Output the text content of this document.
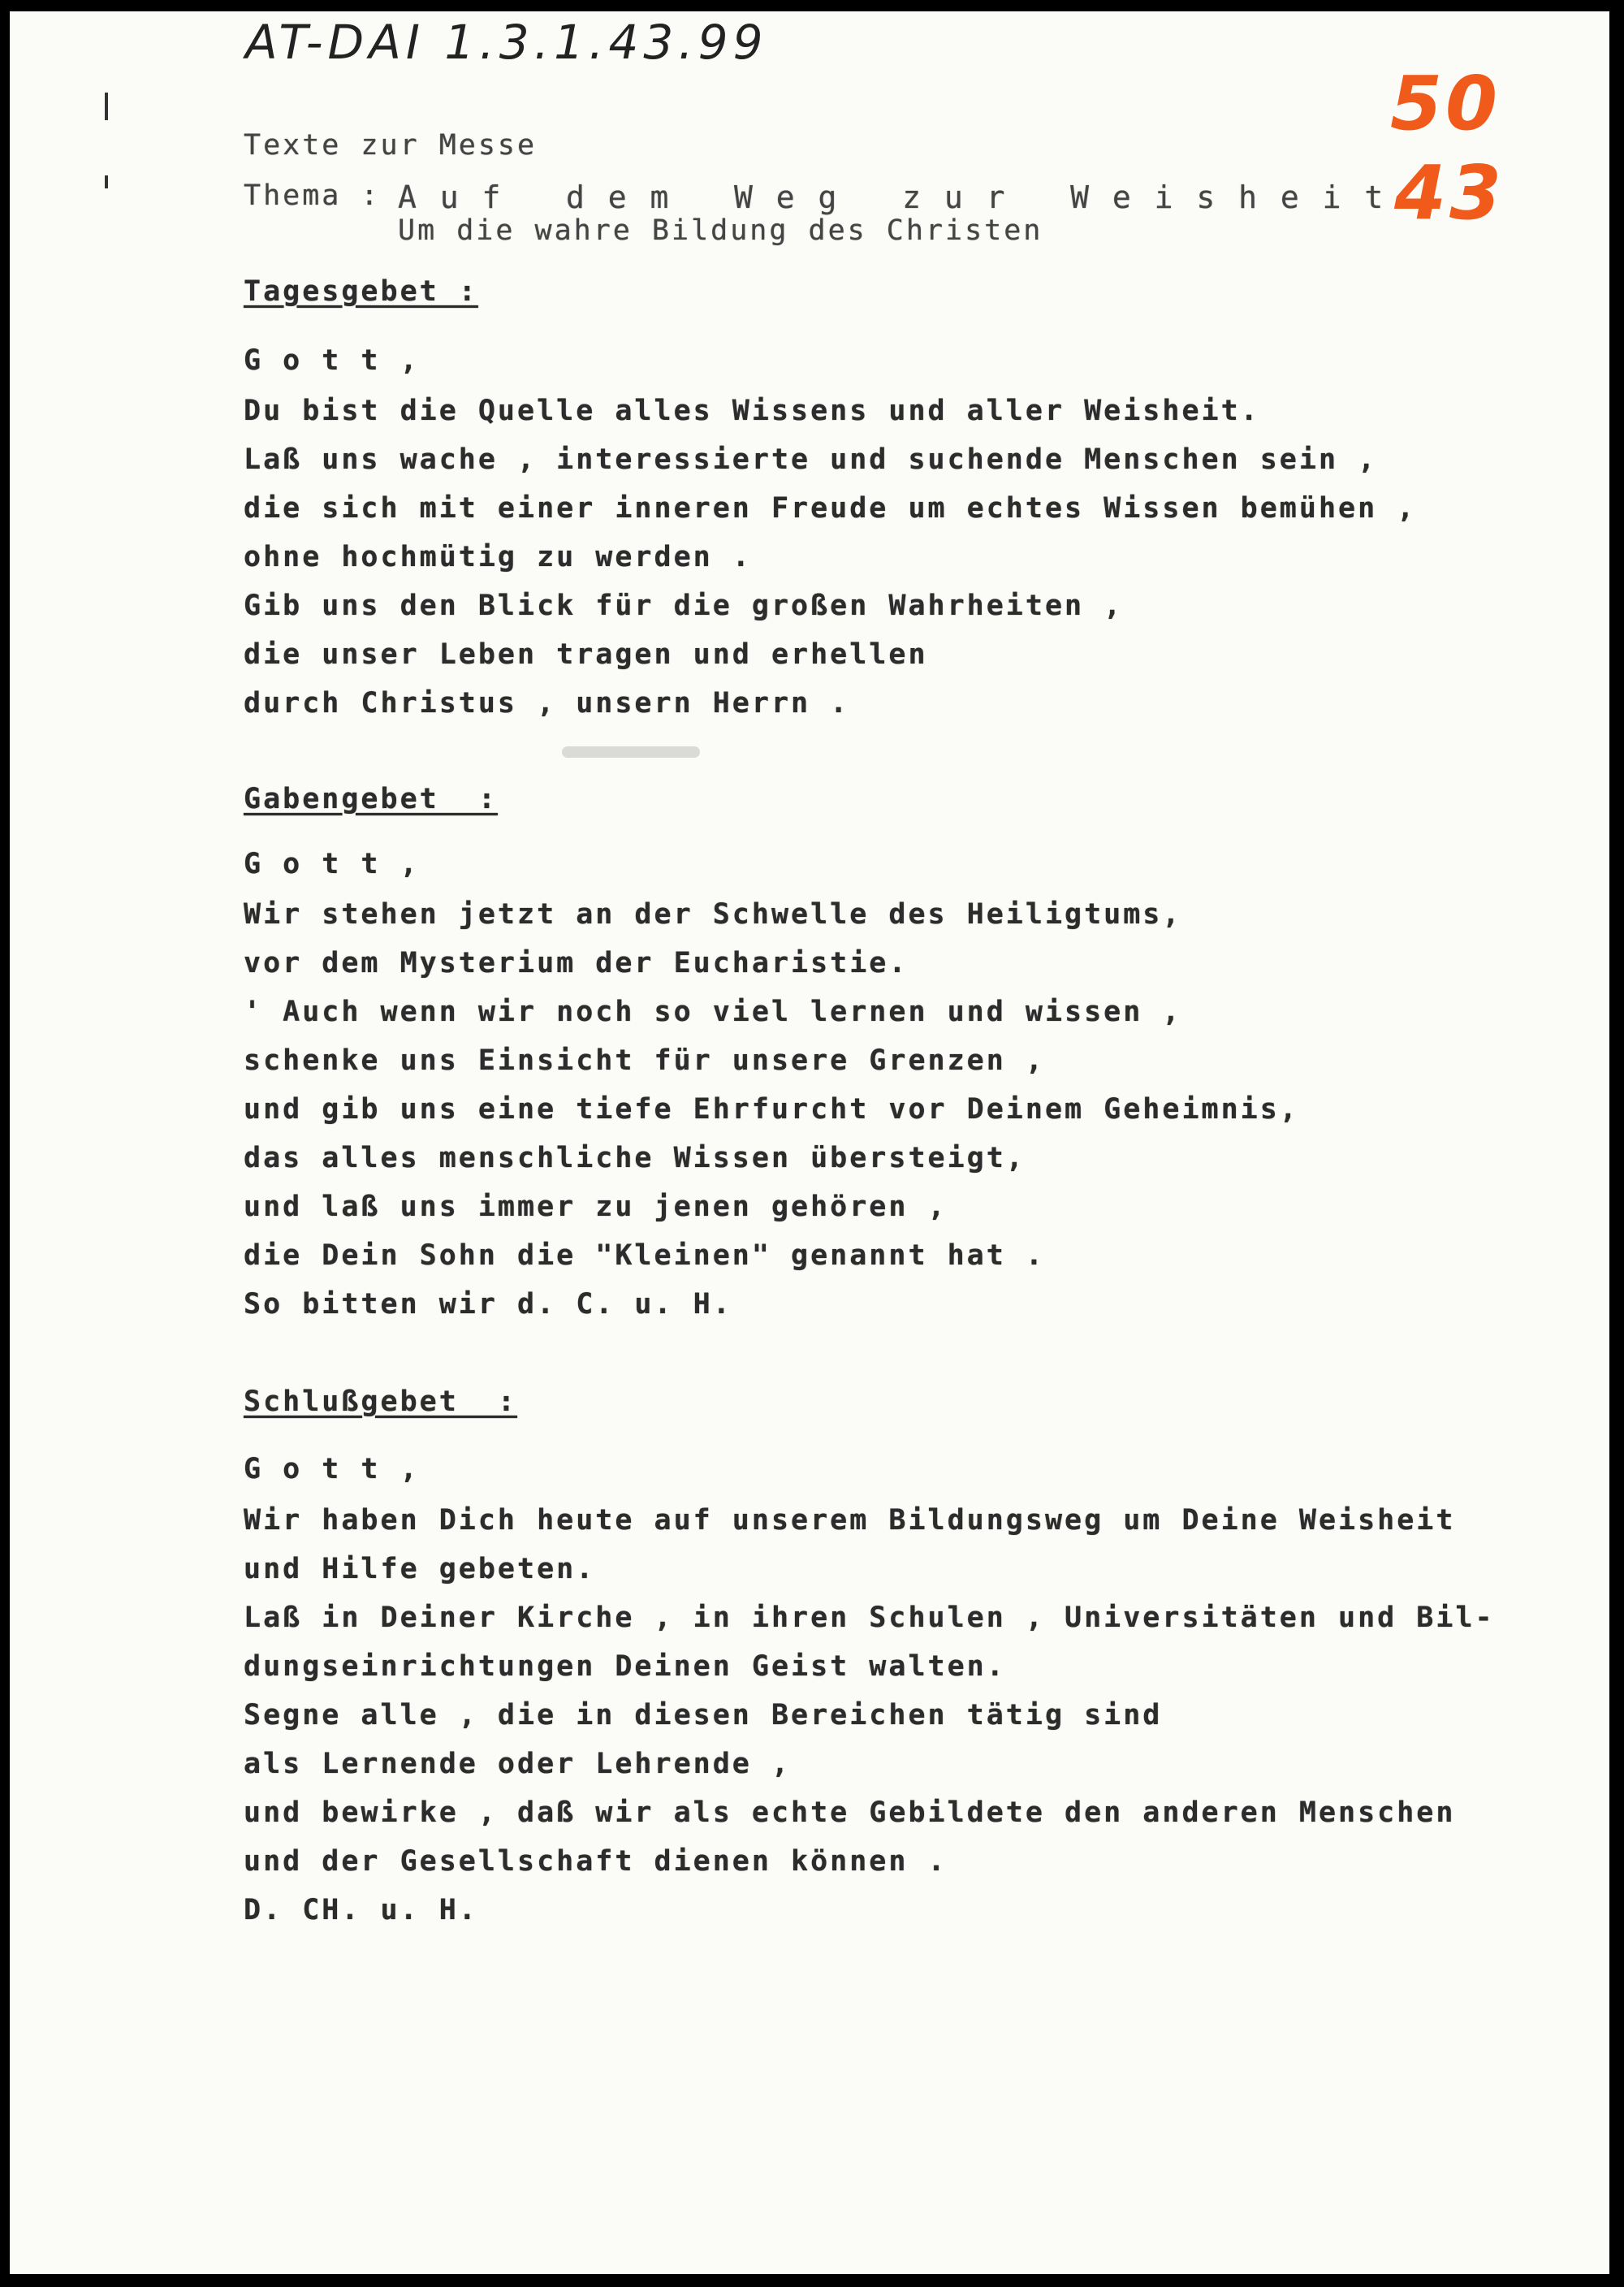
AT-DAI 1.3.1.43.99
50
43

Texte zur Messe

Thema : A u f   d e m   W e g   z u r   W e i s h e i t

Um die wahre Bildung des Christen

Tagesgebet :

G o t t ,

Du bist die Quelle alles Wissens und aller Weisheit.

Laß uns wache , interessierte und suchende Menschen sein ,

die sich mit einer inneren Freude um echtes Wissen bemühen ,

ohne hochmütig zu werden .

Gib uns den Blick für die großen Wahrheiten ,

die unser Leben tragen und erhellen

durch Christus , unsern Herrn .

Gabengebet  :

G o t t ,

Wir stehen jetzt an der Schwelle des Heiligtums,

vor dem Mysterium der Eucharistie.

' Auch wenn wir noch so viel lernen und wissen ,

schenke uns Einsicht für unsere Grenzen ,

und gib uns eine tiefe Ehrfurcht vor Deinem Geheimnis,

das alles menschliche Wissen übersteigt,

und laß uns immer zu jenen gehören ,

die Dein Sohn die "Kleinen" genannt hat .

So bitten wir d. C. u. H.

Schlußgebet  :

G o t t ,

Wir haben Dich heute auf unserem Bildungsweg um Deine Weisheit

und Hilfe gebeten.

Laß in Deiner Kirche , in ihren Schulen , Universitäten und Bil-

dungseinrichtungen Deinen Geist walten.

Segne alle , die in diesen Bereichen tätig sind

als Lernende oder Lehrende ,

und bewirke , daß wir als echte Gebildete den anderen Menschen

und der Gesellschaft dienen können .

D. CH. u. H.
